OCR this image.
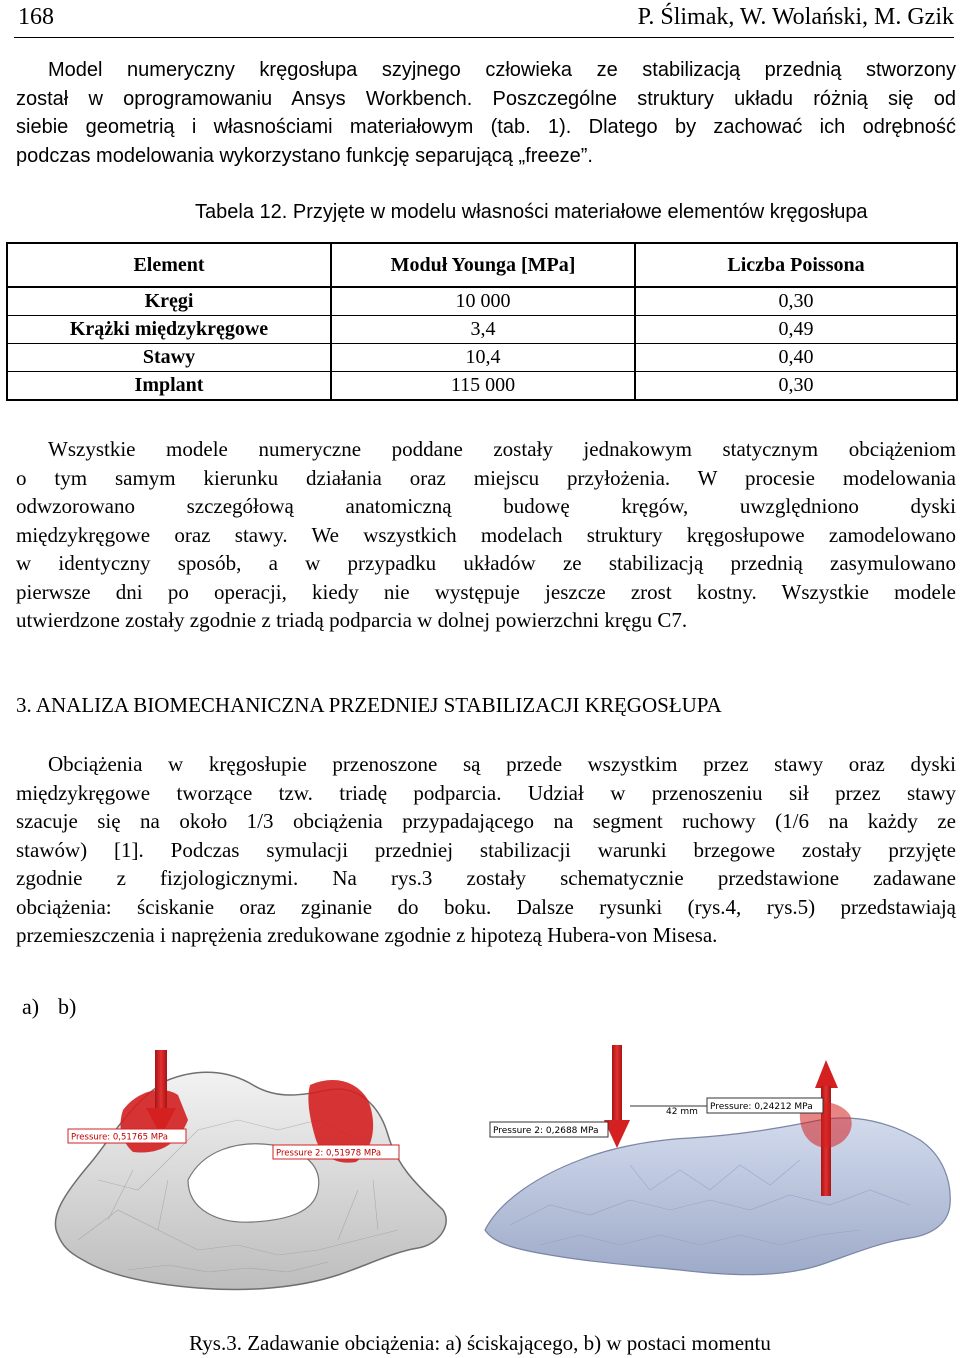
168	P. Ślimak, W. Wolański, M. Gzik
Model numeryczny kręgosłupa szyjnego człowieka ze stabilizacją przednią stworzony
został w oprogramowaniu Ansys Workbench. Poszczególne struktury układu różnią się od
siebie geometrią i własnościami materiałowym (tab. 1). Dlatego by zachować ich odrębność
podczas modelowania wykorzystano funkcję separującą „freeze”.
Tabela 12. Przyjęte w modelu własności materiałowe elementów kręgosłupa
Element	Moduł Younga [MPa]	Liczba Poissona
Kręgi	10 000	0,30
Krążki międzykręgowe	3,4	0,49
Stawy	10,4	0,40
Implant	115 000	0,30
Wszystkie modele numeryczne poddane zostały jednakowym statycznym obciążeniom
o tym samym kierunku działania oraz miejscu przyłożenia. W procesie modelowania
odwzorowano szczegółową anatomiczną budowę kręgów, uwzględniono dyski
międzykręgowe oraz stawy. We wszystkich modelach struktury kręgosłupowe zamodelowano
w identyczny sposób, a w przypadku układów ze stabilizacją przednią zasymulowano
pierwsze dni po operacji, kiedy nie występuje jeszcze zrost kostny. Wszystkie modele
utwierdzone zostały zgodnie z triadą podparcia w dolnej powierzchni kręgu C7.
3. ANALIZA BIOMECHANICZNA PRZEDNIEJ STABILIZACJI KRĘGOSŁUPA
Obciążenia w kręgosłupie przenoszone są przede wszystkim przez stawy oraz dyski
międzykręgowe tworzące tzw. triadę podparcia. Udział w przenoszeniu sił przez stawy
szacuje się na około 1/3 obciążenia przypadającego na segment ruchowy (1/6 na każdy ze
stawów) [1]. Podczas symulacji przedniej stabilizacji warunki brzegowe zostały przyjęte
zgodnie z fizjologicznymi. Na rys.3 zostały schematycznie przedstawione zadawane
obciążenia: ściskanie oraz zginanie do boku. Dalsze rysunki (rys.4, rys.5) przedstawiają
przemieszczenia i naprężenia zredukowane zgodnie z hipotezą Hubera-von Misesa.
a) b)
Pressure: 0,51765 MPa
Pressure 2: 0,51978 MPa
42 mm Pressure: 0,24212 MPa
Pressure 2: 0,2688 MPa
Rys.3. Zadawanie obciążenia: a) ściskającego, b) w postaci momentu
